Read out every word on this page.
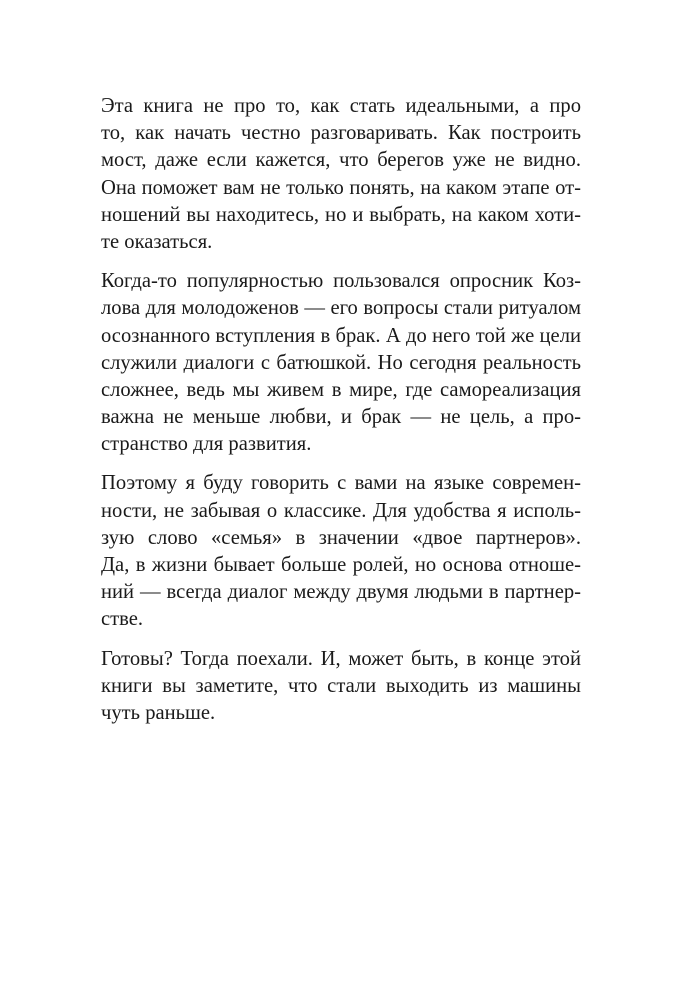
Эта книга не про то, как стать идеальными, а про
то, как начать честно разговаривать. Как построить
мост, даже если кажется, что берегов уже не видно.
Она поможет вам не только понять, на каком этапе от-
ношений вы находитесь, но и выбрать, на каком хоти-
те оказаться.
Когда-то популярностью пользовался опросник Коз-
лова для молодоженов — его вопросы стали ритуалом
осознанного вступления в брак. А до него той же цели
служили диалоги с батюшкой. Но сегодня реальность
сложнее, ведь мы живем в мире, где самореализация
важна не меньше любви, и брак — не цель, а про-
странство для развития.
Поэтому я буду говорить с вами на языке современ-
ности, не забывая о классике. Для удобства я исполь-
зую слово «семья» в значении «двое партнеров».
Да, в жизни бывает больше ролей, но основа отноше-
ний — всегда диалог между двумя людьми в партнер-
стве.
Готовы? Тогда поехали. И, может быть, в конце этой
книги вы заметите, что стали выходить из машины
чуть раньше.
